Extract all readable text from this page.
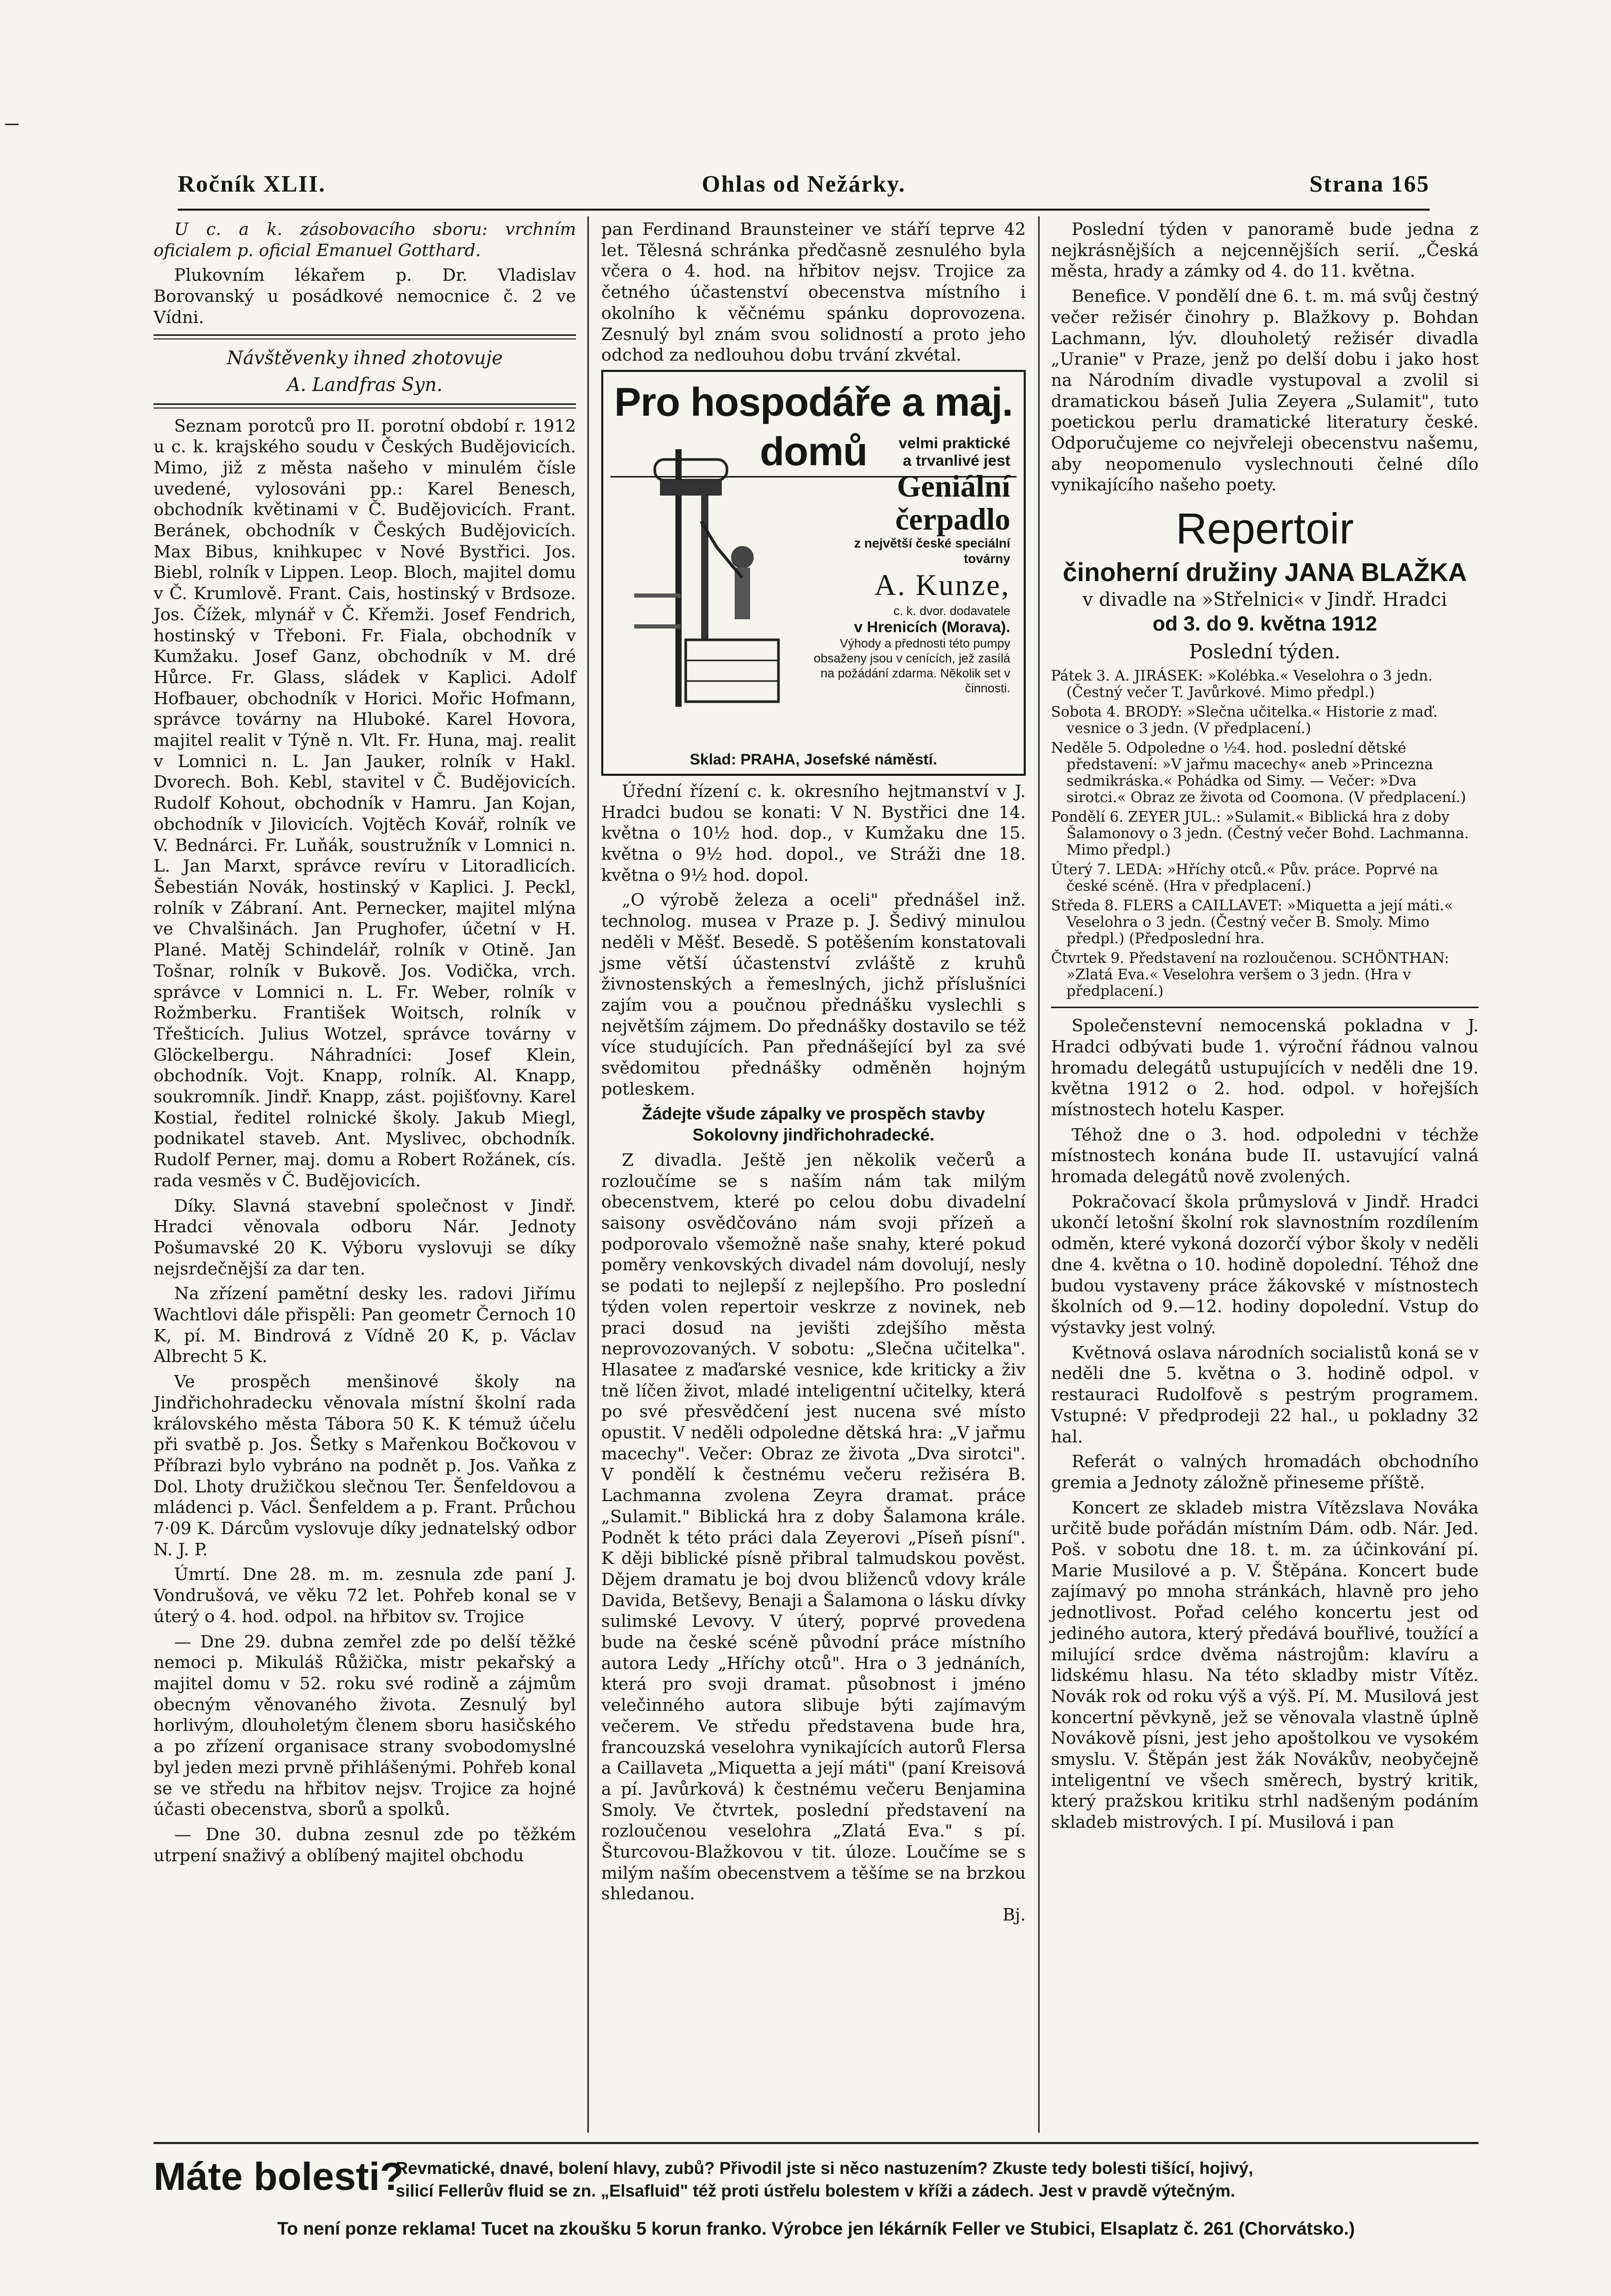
Ročník XLII.	Ohlas od Nežárky.	Strana 165

U c. a k. zásobovacího sboru: vrchním oficialem p. oficial Emanuel Gotthard.

Plukovním lékařem p. Dr. Vladislav Borovanský u posádkové nemocnice č. 2 ve Vídni.

Návštěvenky ihned zhotovuje
A. Landfras Syn.

Seznam porotců pro II. porotní období r. 1912 u c. k. krajského soudu v Českých Budějovicích. Mimo, již z města našeho v minulém čísle uvedené, vylosováni pp.: Karel Benesch, obchodník květinami v Č. Budějovicích. Frant. Beránek, obchodník v Českých Budějovicích. Max Bibus, knihkupec v Nové Bystřici. Jos. Biebl, rolník v Lippen. Leop. Bloch, majitel domu v Č. Krumlově. Frant. Cais, hostinský v Brdsoze. Jos. Čížek, mlynář v Č. Křemži. Josef Fendrich, hostinský v Třeboni. Fr. Fiala, obchodník v Kumžaku. Josef Ganz, obchodník v M. dré Hůrce. Fr. Glass, sládek v Kaplici. Adolf Hofbauer, obchodník v Horici. Mořic Hofmann, správce továrny na Hluboké. Karel Hovora, majitel realit v Týně n. Vlt. Fr. Huna, maj. realit v Lomnici n. L. Jan Jauker, rolník v Hakl. Dvorech. Boh. Kebl, stavitel v Č. Budějovicích. Rudolf Kohout, obchodník v Hamru. Jan Kojan, obchodník v Jilovicích. Vojtěch Kovář, rolník ve V. Bednárci. Fr. Luňák, soustružník v Lomnici n. L. Jan Marxt, správce revíru v Litoradlicích. Šebestián Novák, hostinský v Kaplici. J. Peckl, rolník v Zábraní. Ant. Pernecker, majitel mlýna ve Chvalšinách. Jan Prughofer, účetní v H. Plané. Matěj Schindelář, rolník v Otině. Jan Tošnar, rolník v Bukově. Jos. Vodička, vrch. správce v Lomnici n. L. Fr. Weber, rolník v Rožmberku. František Woitsch, rolník v Třešticích. Julius Wotzel, správce továrny v Glöckelbergu. Náhradníci: Josef Klein, obchodník. Vojt. Knapp, rolník. Al. Knapp, soukromník. Jindř. Knapp, zást. pojišťovny. Karel Kostial, ředitel rolnické školy. Jakub Miegl, podnikatel staveb. Ant. Myslivec, obchodník. Rudolf Perner, maj. domu a Robert Rožánek, cís. rada vesměs v Č. Budějovicích.

Díky. Slavná stavební společnost v Jindř. Hradci věnovala odboru Nár. Jednoty Pošumavské 20 K. Výboru vyslovuji se díky nejsrdečnější za dar ten.

Na zřízení pamětní desky les. radovi Jiřímu Wachtlovi dále přispěli: Pan geometr Černoch 10 K, pí. M. Bindrová z Vídně 20 K, p. Václav Albrecht 5 K.

Ve prospěch menšinové školy na Jindřichohradecku věnovala místní školní rada královského města Tábora 50 K. K témuž účelu při svatbě p. Jos. Šetky s Mařenkou Bočkovou v Příbrazi bylo vybráno na podnět p. Jos. Vaňka z Dol. Lhoty družičkou slečnou Ter. Šenfeldovou a mládenci p. Václ. Šenfeldem a p. Frant. Průchou 7·09 K. Dárcům vyslovuje díky jednatelský odbor N. J. P.

Úmrtí. Dne 28. m. m. zesnula zde paní J. Vondrušová, ve věku 72 let. Pohřeb konal se v úterý o 4. hod. odpol. na hřbitov sv. Trojice

— Dne 29. dubna zemřel zde po delší těžké nemoci p. Mikuláš Růžička, mistr pekařský a majitel domu v 52. roku své rodině a zájmům obecným věnovaného života. Zesnulý byl horlivým, dlouholetým členem sboru hasičského a po zřízení organisace strany svobodomyslné byl jeden mezi prvně přihlášenými. Pohřeb konal se ve středu na hřbitov nejsv. Trojice za hojné účasti obecenstva, sborů a spolků.

— Dne 30. dubna zesnul zde po těžkém utrpení snaživý a oblíbený majitel obchodu

pan Ferdinand Braunsteiner ve stáří teprve 42 let. Tělesná schránka předčasně zesnulého byla včera o 4. hod. na hřbitov nejsv. Trojice za četného účastenství obecenstva místního i okolního k věčnému spánku doprovozena. Zesnulý byl znám svou solidností a proto jeho odchod za nedlouhou dobu trvání zkvétal.

Pro hospodáře a maj. domů	velmi praktické
a trvanlivé jest
Geniální
čerpadlo
z největší české speciální továrny
A. Kunze,
c. k. dvor. dodavatele
v Hrenicích (Morava).
Výhody a přednosti této pumpy obsaženy jsou v cenících, jež zasílá na požádání zdarma. Několik set v činnosti.
Sklad: PRAHA, Josefské náměstí.

Úřední řízení c. k. okresního hejtmanství v J. Hradci budou se konati: V N. Bystřici dne 14. května o 10½ hod. dop., v Kumžaku dne 15. května o 9½ hod. dopol., ve Stráži dne 18. května o 9½ hod. dopol.

„O výrobě železa a oceli" přednášel inž. technolog. musea v Praze p. J. Šedivý minulou neděli v Měšť. Besedě. S potěšením konstatovali jsme větší účastenství zvláště z kruhů živnostenských a řemeslných, jichž příslušníci zajím vou a poučnou přednášku vyslechli s největším zájmem. Do přednášky dostavilo se též více studujících. Pan přednášející byl za své svědomitou přednášky odměněn hojným potleskem.

Žádejte všude zápalky ve prospěch stavby Sokolovny jindřichohradecké.

Z divadla. Ještě jen několik večerů a rozloučíme se s naším nám tak milým obecenstvem, které po celou dobu divadelní saisony osvědčováno nám svoji přízeň a podporovalo všemožně naše snahy, které pokud poměry venkovských divadel nám dovolují, nesly se podati to nejlepší z nejlepšího. Pro poslední týden volen repertoir veskrze z novinek, neb praci dosud na jevišti zdejšího města neprovozovaných. V sobotu: „Slečna učitelka". Hlasatee z maďarské vesnice, kde kriticky a živ tně líčen život, mladé inteligentní učitelky, která po své přesvědčení jest nucena své místo opustit. V neděli odpoledne dětská hra: „V jařmu macechy". Večer: Obraz ze života „Dva sirotci". V pondělí k čestnému večeru režiséra B. Lachmanna zvolena Zeyra dramat. práce „Sulamit." Biblická hra z doby Šalamona krále. Podnět k této práci dala Zeyerovi „Píseň písní". K ději biblické písně přibral talmudskou pověst. Dějem dramatu je boj dvou bliženců vdovy krále Davida, Betševy, Benaji a Šalamona o lásku dívky sulimské Levovy. V úterý, poprvé provedena bude na české scéně původní práce místního autora Ledy „Hříchy otců". Hra o 3 jednáních, která pro svoji dramat. působnost i jméno velečinného autora slibuje býti zajímavým večerem. Ve středu představena bude hra, francouzská veselohra vynikajících autorů Flersa a Caillaveta „Miquetta a její máti" (paní Kreisová a pí. Javůrková) k čestnému večeru Benjamina Smoly. Ve čtvrtek, poslední představení na rozloučenou veselohra „Zlatá Eva." s pí. Šturcovou-Blažkovou v tit. úloze. Loučíme se s milým naším obecenstvem a těšíme se na brzkou shledanou.

Bj.

Poslední týden v panoramě bude jedna z nejkrásnějších a nejcennějších serií. „Česká města, hrady a zámky od 4. do 11. května.

Benefice. V pondělí dne 6. t. m. má svůj čestný večer režisér činohry p. Blažkovy p. Bohdan Lachmann, lýv. dlouholetý režisér divadla „Uranie" v Praze, jenž po delší dobu i jako host na Národním divadle vystupoval a zvolil si dramatickou báseň Julia Zeyera „Sulamit", tuto poetickou perlu dramatické literatury české. Odporučujeme co nejvřeleji obecenstvu našemu, aby neopomenulo vyslechnouti čelné dílo vynikajícího našeho poety.

Repertoir
činoherní družiny JANA BLAŽKA
v divadle na »Střelnici« v Jindř. Hradci
od 3. do 9. května 1912
Poslední týden.
Pátek 3. A. JIRÁSEK: »Kolébka.« Veselohra o 3 jedn. (Čestný večer T. Javůrkové. Mimo předpl.)
Sobota 4. BRODY: »Slečna učitelka.« Historie z maď. vesnice o 3 jedn. (V předplacení.)
Neděle 5. Odpoledne o ½4. hod. poslední dětské představení: »V jařmu macechy« aneb »Princezna sedmikráska.« Pohádka od Simy. — Večer: »Dva sirotci.« Obraz ze života od Coomona. (V předplacení.)
Pondělí 6. ZEYER JUL.: »Sulamit.« Biblická hra z doby Šalamonovy o 3 jedn. (Čestný večer Bohd. Lachmanna. Mimo předpl.)
Úterý 7. LEDA: »Hříchy otců.« Pův. práce. Poprvé na české scéně. (Hra v předplacení.)
Středa 8. FLERS a CAILLAVET: »Miquetta a její máti.« Veselohra o 3 jedn. (Čestný večer B. Smoly. Mimo předpl.) (Předposlední hra.
Čtvrtek 9. Představení na rozloučenou. SCHÖNTHAN: »Zlatá Eva.« Veselohra veršem o 3 jedn. (Hra v předplacení.)

Společenstevní nemocenská pokladna v J. Hradci odbývati bude 1. výroční řádnou valnou hromadu delegátů ustupujících v neděli dne 19. května 1912 o 2. hod. odpol. v hořejších místnostech hotelu Kasper.

Téhož dne o 3. hod. odpoledni v téchže místnostech konána bude II. ustavující valná hromada delegátů nově zvolených.

Pokračovací škola průmyslová v Jindř. Hradci ukončí letošní školní rok slavnostním rozdílením odměn, které vykoná dozorčí výbor školy v neděli dne 4. května o 10. hodině dopolední. Téhož dne budou vystaveny práce žákovské v místnostech školních od 9.—12. hodiny dopolední. Vstup do výstavky jest volný.

Květnová oslava národních socialistů koná se v neděli dne 5. května o 3. hodině odpol. v restauraci Rudolfově s pestrým programem. Vstupné: V předprodeji 22 hal., u pokladny 32 hal.

Referát o valných hromadách obchodního gremia a Jednoty záložně přineseme příště.

Koncert ze skladeb mistra Vítězslava Nováka určitě bude pořádán místním Dám. odb. Nár. Jed. Poš. v sobotu dne 18. t. m. za účinkování pí. Marie Musilové a p. V. Štěpána. Koncert bude zajímavý po mnoha stránkách, hlavně pro jeho jednotlivost. Pořad celého koncertu jest od jediného autora, který předává bouřlivé, toužící a milující srdce dvěma nástrojům: klavíru a lidskému hlasu. Na této skladby mistr Vítěz. Novák rok od roku výš a výš. Pí. M. Musilová jest koncertní pěvkyně, jež se věnovala vlastně úplně Novákově písni, jest jeho apoštolkou ve vysokém smyslu. V. Štěpán jest žák Novákův, neobyčejně inteligentní ve všech směrech, bystrý kritik, který pražskou kritiku strhl nadšeným podáním skladeb mistrových. I pí. Musilová i pan

Máte bolesti?
Revmatické, dnavé, bolení hlavy, zubů? Přivodil jste si něco nastuzením? Zkuste tedy bolesti tišící, hojivý,
silicí Fellerův fluid se zn. „Elsafluid" též proti ústřelu bolestem v kříži a zádech. Jest v pravdě výtečným.
To není ponze reklama! Tucet na zkoušku 5 korun franko. Výrobce jen lékárník Feller ve Stubici, Elsaplatz č. 261 (Chorvátsko.)
